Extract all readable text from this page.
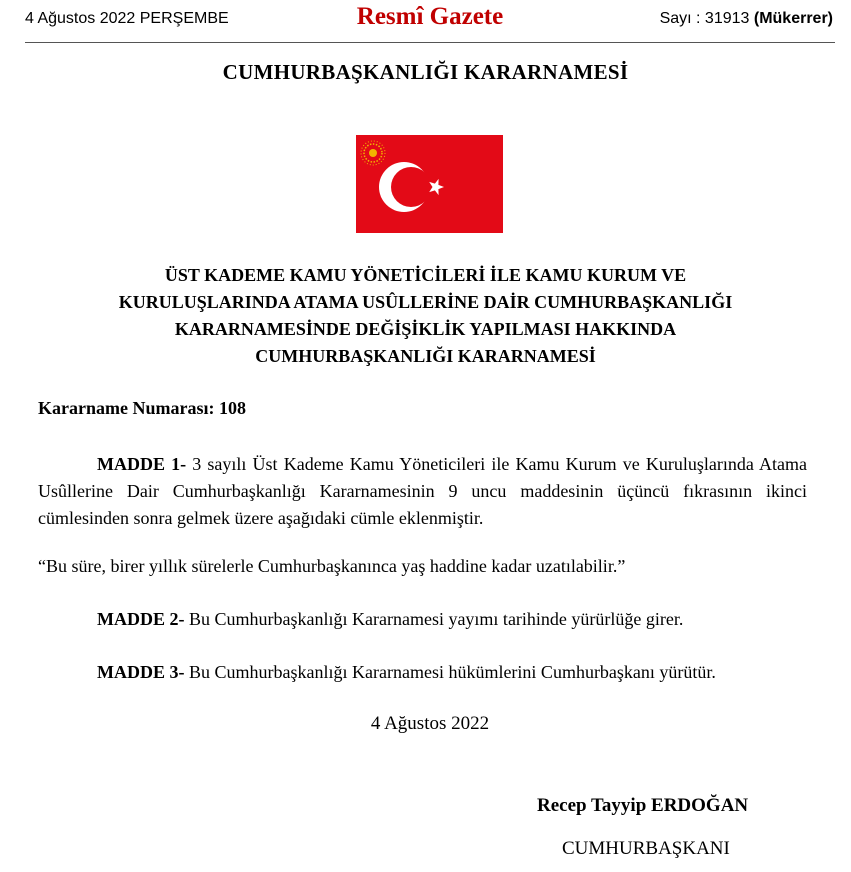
4 Ağustos 2022 PERŞEMBE	Resmî Gazete	Sayı : 31913 (Mükerrer)
CUMHURBAŞKANLIĞI KARARNAMESİ
ÜST KADEME KAMU YÖNETİCİLERİ İLE KAMU KURUM VE
KURULUŞLARINDA ATAMA USÛLLERİNE DAİR CUMHURBAŞKANLIĞI
KARARNAMESİNDE DEĞİŞİKLİK YAPILMASI HAKKINDA
CUMHURBAŞKANLIĞI KARARNAMESİ
Kararname Numarası: 108
MADDE 1- 3 sayılı Üst Kademe Kamu Yöneticileri ile Kamu Kurum ve Kuruluşlarında Atama Usûllerine Dair Cumhurbaşkanlığı Kararnamesinin 9 uncu maddesinin üçüncü fıkrasının ikinci cümlesinden sonra gelmek üzere aşağıdaki cümle eklenmiştir.
“Bu süre, birer yıllık sürelerle Cumhurbaşkanınca yaş haddine kadar uzatılabilir.”
MADDE 2- Bu Cumhurbaşkanlığı Kararnamesi yayımı tarihinde yürürlüğe girer.
MADDE 3- Bu Cumhurbaşkanlığı Kararnamesi hükümlerini Cumhurbaşkanı yürütür.
4 Ağustos 2022
Recep Tayyip ERDOĞAN
CUMHURBAŞKANI
